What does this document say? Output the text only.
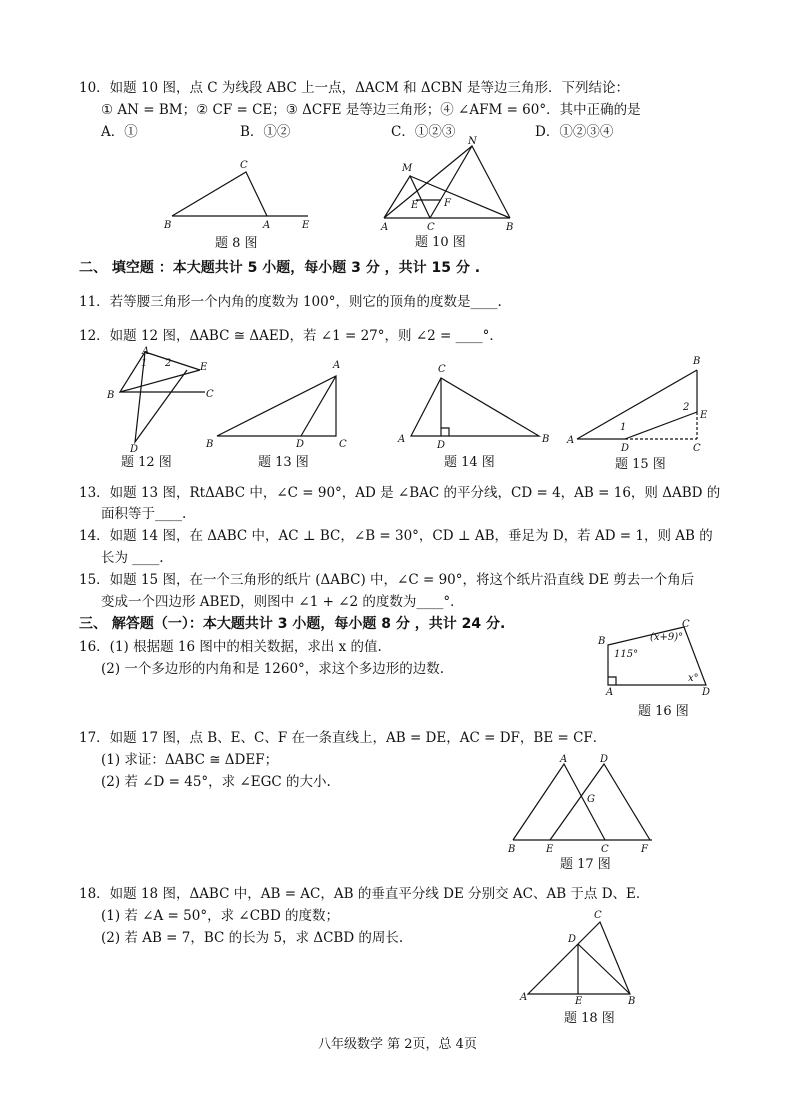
10．如题 10 图，点 C 为线段 ABC 上一点，ΔACM 和 ΔCBN 是等边三角形．下列结论：
① AN = BM；② CF = CE；③ ΔCFE 是等边三角形；④ ∠AFM = 60°．其中正确的是
A．①	B．①②	C．①②③	D．①②③④
C
B	A	E
题 8 图
N
M
E	F
A	C	B
题 10 图
二、 填空题 ：本大题共计 5 小题，每小题 3 分 ，共计 15 分 .
11．若等腰三角形一个内角的度数为 100°，则它的顶角的度数是____.
12．如题 12 图，ΔABC ≅ ΔAED，若 ∠1 = 27°，则 ∠2 = ____°．
A
1 2	E
B	C
D
题 12 图
A
B	D	C
题 13 图
C
A
D
B
题 14 图
B
2
E
1
A
D	C
题 15 图
13．如题 13 图，RtΔABC 中，∠C = 90°，AD 是 ∠BAC 的平分线，CD = 4，AB = 16，则 ΔABD 的
面积等于____.
14．如题 14 图，在 ΔABC 中，AC ⊥ BC，∠B = 30°，CD ⊥ AB，垂足为 D，若 AD = 1，则 AB 的
长为 ____.
15．如题 15 图，在一个三角形的纸片 (ΔABC) 中，∠C = 90°，将这个纸片沿直线 DE 剪去一个角后
变成一个四边形 ABED，则图中 ∠1 + ∠2 的度数为____°．
三、 解答题（一）：本大题共计 3 小题，每小题 8 分 ，共计 24 分.
16．(1) 根据题 16 图中的相关数据，求出 x 的值.
(2) 一个多边形的内角和是 1260°，求这个多边形的边数.
C
(x+9)°
B
115°
x°
A	D
题 16 图
17．如题 17 图，点 B、E、C、F 在一条直线上，AB = DE，AC = DF，BE = CF．
(1) 求证：ΔABC ≅ ΔDEF；
(2) 若 ∠D = 45°，求 ∠EGC 的大小.
A	D
G
B	E	C	F
题 17 图
18．如题 18 图，ΔABC 中，AB = AC，AB 的垂直平分线 DE 分别交 AC、AB 于点 D、E．
(1) 若 ∠A = 50°，求 ∠CBD 的度数；
(2) 若 AB = 7，BC 的长为 5，求 ΔCBD 的周长.
C
D
A	E	B
题 18 图
八年级数学 第 2页，总 4页
